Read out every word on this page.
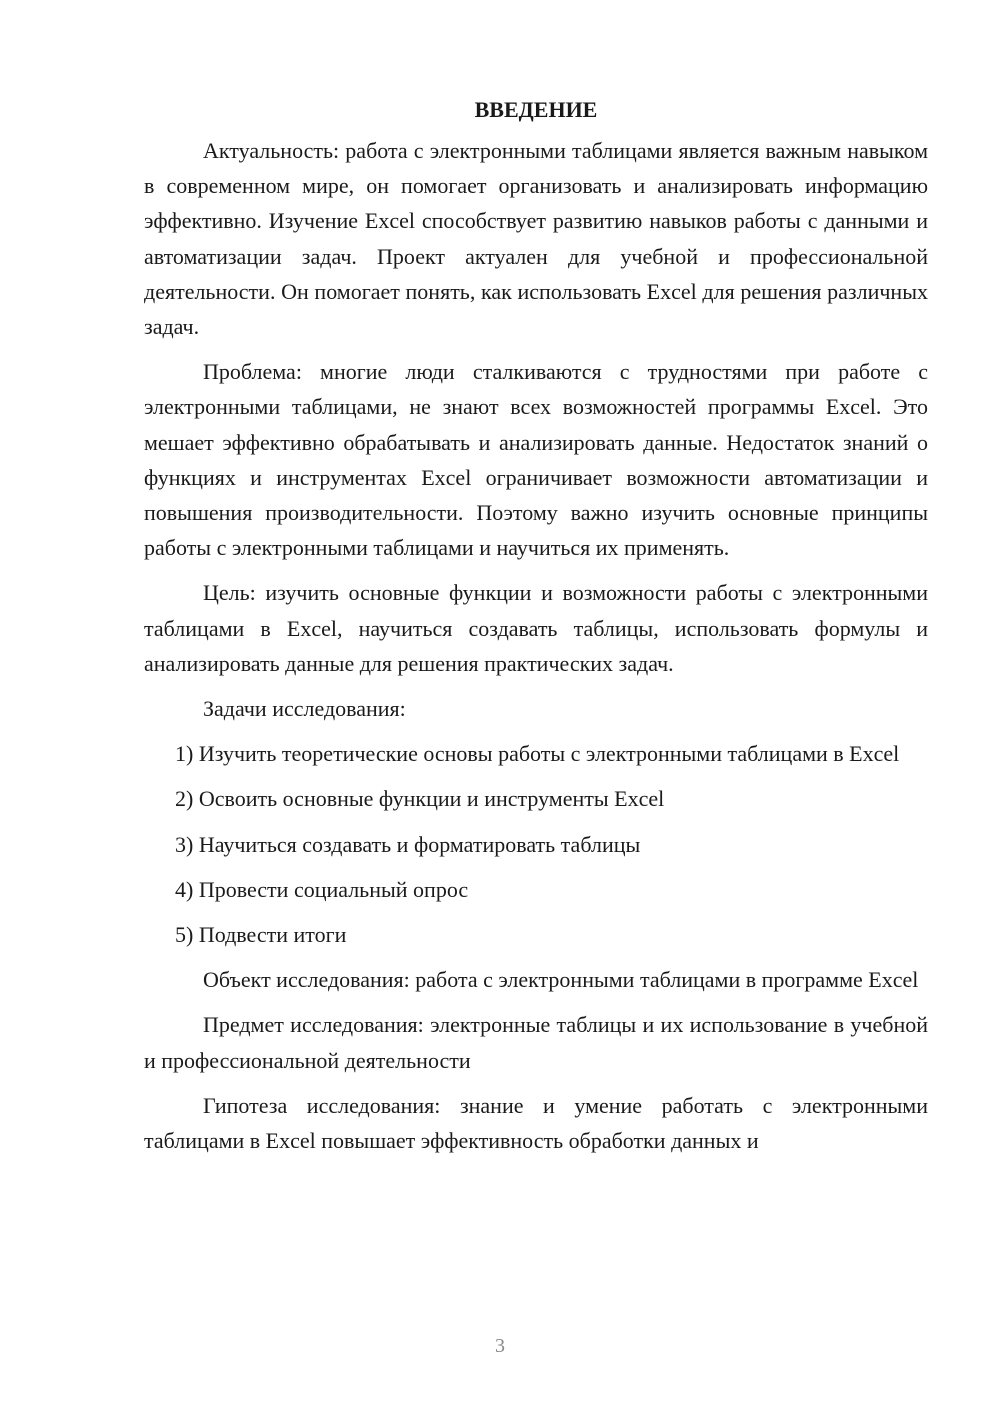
ВВЕДЕНИЕ

Актуальность: работа с электронными таблицами является важным навыком в современном мире, он помогает организовать и анализировать информацию эффективно. Изучение Excel способствует развитию навыков работы с данными и автоматизации задач. Проект актуален для учебной и профессиональной деятельности. Он помогает понять, как использовать Excel для решения различных задач.

Проблема: многие люди сталкиваются с трудностями при работе с электронными таблицами, не знают всех возможностей программы Excel. Это мешает эффективно обрабатывать и анализировать данные. Недостаток знаний о функциях и инструментах Excel ограничивает возможности автоматизации и повышения производительности. Поэтому важно изучить основные принципы работы с электронными таблицами и научиться их применять.

Цель: изучить основные функции и возможности работы с электронными таблицами в Excel, научиться создавать таблицы, использовать формулы и анализировать данные для решения практических задач.

Задачи исследования:

1) Изучить теоретические основы работы с электронными таблицами в Excel

2) Освоить основные функции и инструменты Excel

3) Научиться создавать и форматировать таблицы

4) Провести социальный опрос

5) Подвести итоги

Объект исследования: работа с электронными таблицами в программе Excel

Предмет исследования: электронные таблицы и их использование в учебной и профессиональной деятельности

Гипотеза исследования: знание и умение работать с электронными таблицами в Excel повышает эффективность обработки данных и

3
